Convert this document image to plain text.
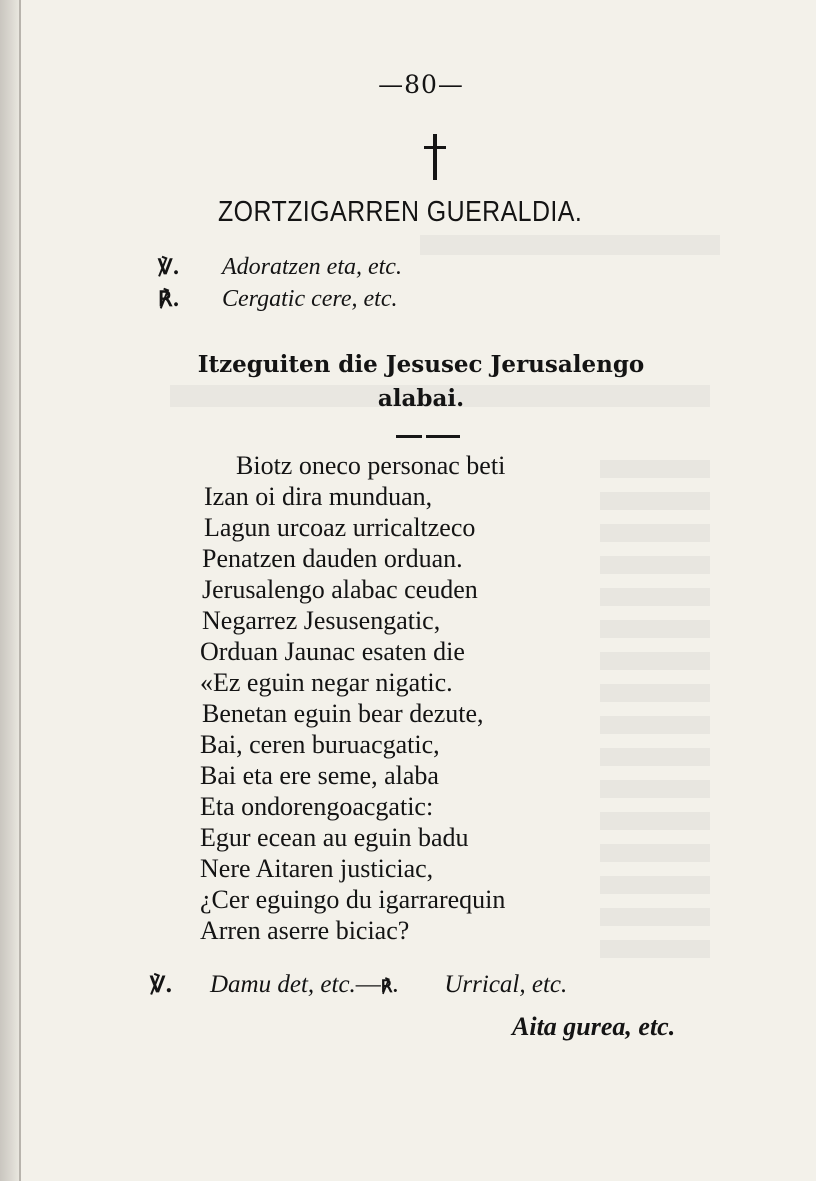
—80—
ZORTZIGARREN GUERALDIA.
℣. Adoratzen eta, etc.
℟. Cergatic cere, etc.
Itzeguiten die Jesusec Jerusalengo
alabai.
Biotz oneco personac beti
Izan oi dira munduan,
Lagun urcoaz urricaltzeco
Penatzen dauden orduan.
Jerusalengo alabac ceuden
Negarrez Jesusengatic,
Orduan Jaunac esaten die
«Ez eguin negar nigatic.
Benetan eguin bear dezute,
Bai, ceren buruacgatic,
Bai eta ere seme, alaba
Eta ondorengoacgatic:
Egur ecean au eguin badu
Nere Aitaren justiciac,
¿Cer eguingo du igarrarequin
Arren aserre biciac?
℣. Damu det, etc.—℟. Urrical, etc.
Aita gurea, etc.
